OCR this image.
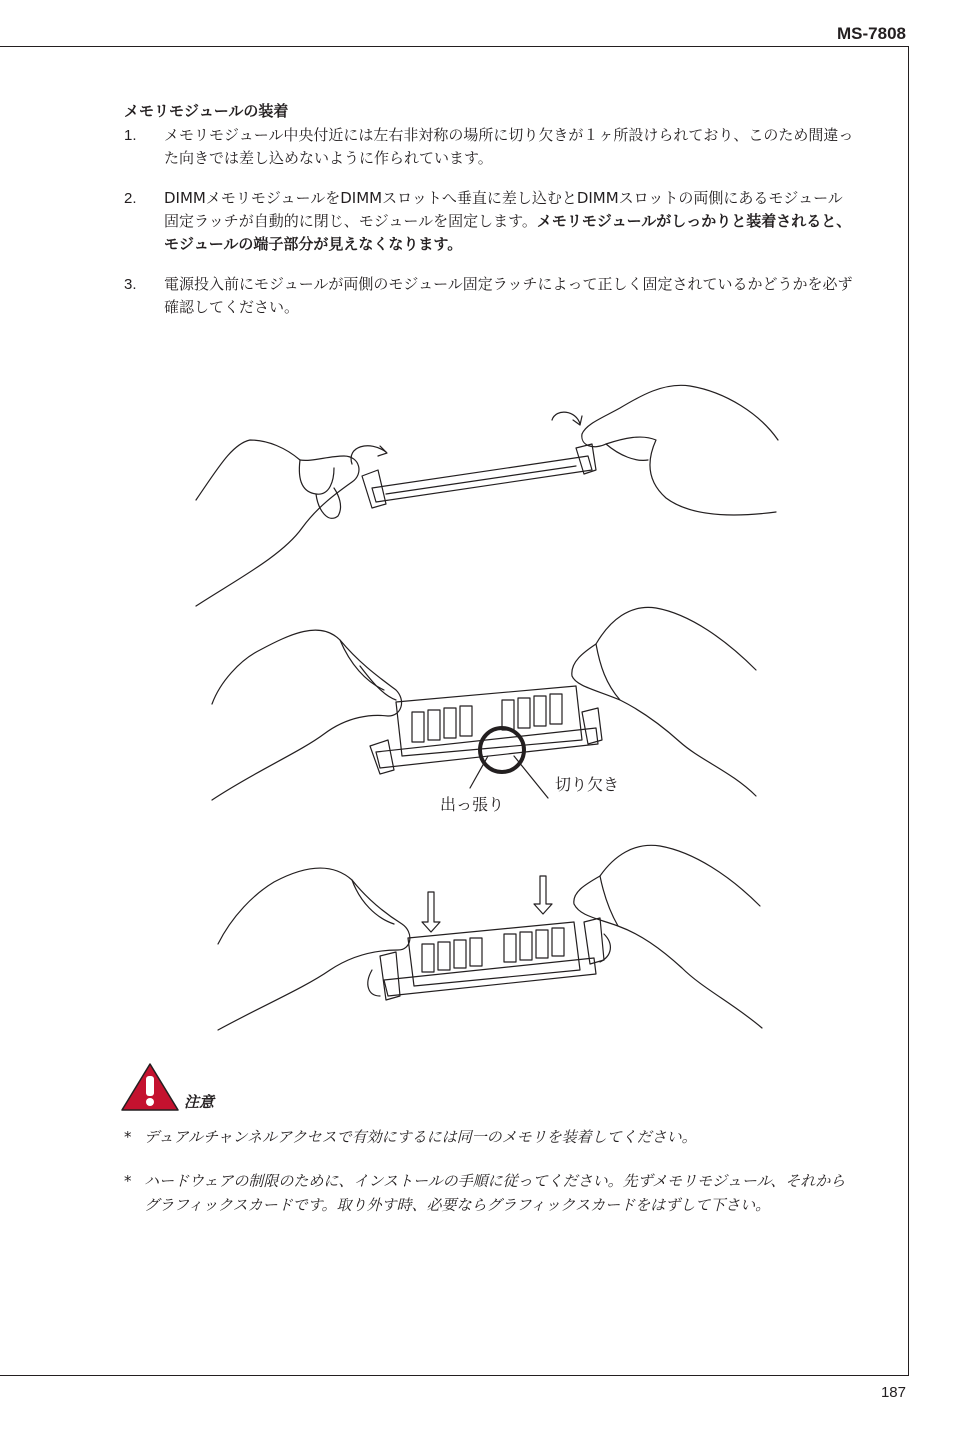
MS-7808
メモリモジュールの装着
1. メモリモジュール中央付近には左右非対称の場所に切り欠きが１ヶ所設けられており、このため間違った向きでは差し込めないように作られています。
2. DIMMメモリモジュールをDIMMスロットへ垂直に差し込むとDIMMスロットの両側にあるモジュール固定ラッチが自動的に閉じ、モジュールを固定します。メモリモジュールがしっかりと装着されると、モジュールの端子部分が見えなくなります。
3. 電源投入前にモジュールが両側のモジュール固定ラッチによって正しく固定されているかどうかを必ず確認してください。
切り欠き
出っ張り
注意
* デュアルチャンネルアクセスで有効にするには同一のメモリを装着してください。
* ハードウェアの制限のために、インストールの手順に従ってください。先ずメモリモジュール、それからグラフィックスカードです。取り外す時、必要ならグラフィックスカードをはずして下さい。
187
